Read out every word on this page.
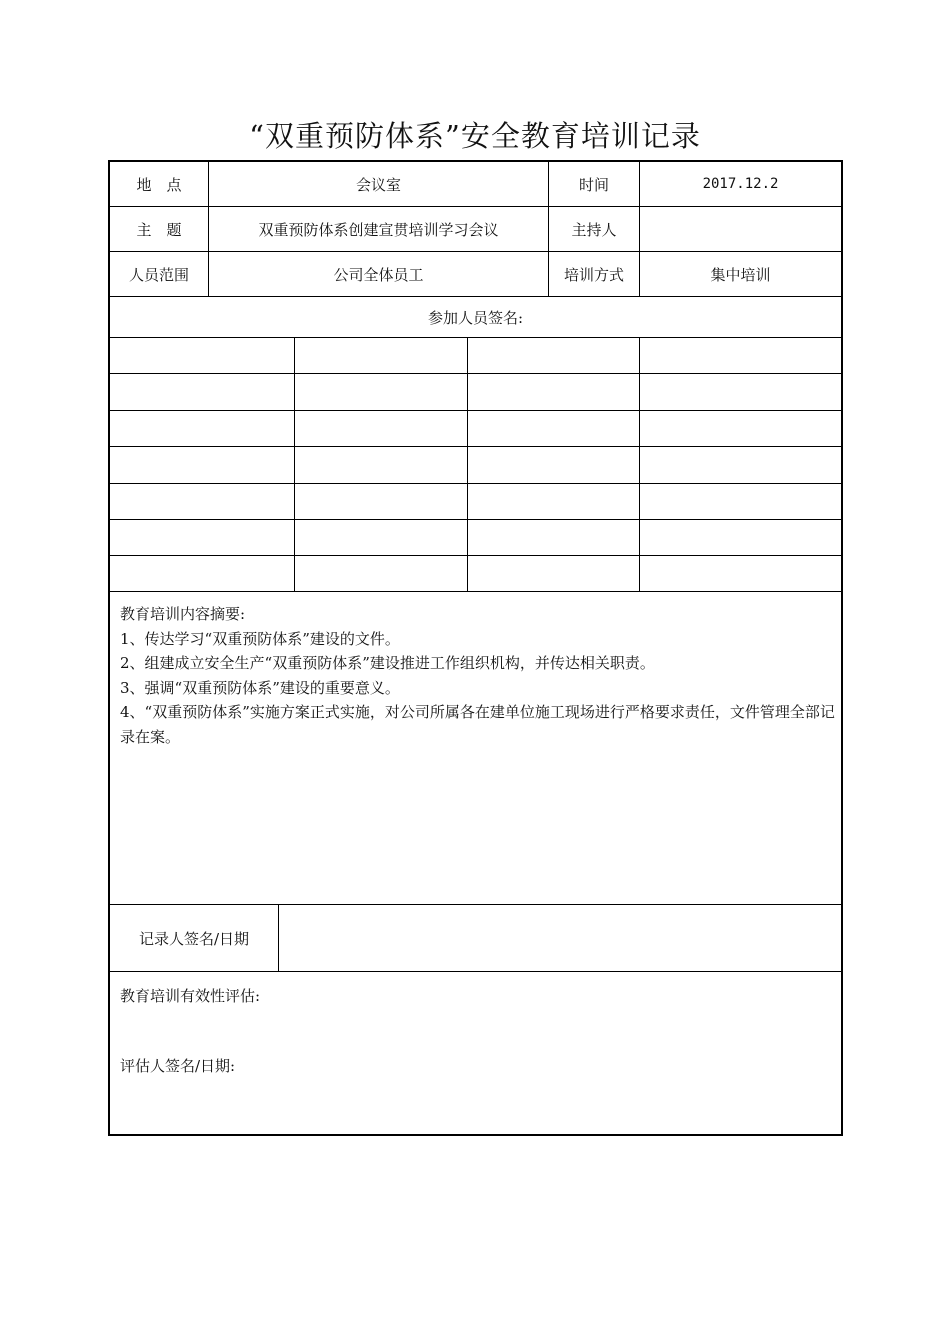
“双重预防体系”安全教育培训记录
地　点	会议室	时间	2017.12.2
主　题	双重预防体系创建宣贯培训学习会议	主持人
人员范围	公司全体员工	培训方式	集中培训
参加人员签名:
教育培训内容摘要:
1、传达学习“双重预防体系”建设的文件。
2、组建成立安全生产“双重预防体系”建设推进工作组织机构，并传达相关职责。
3、强调“双重预防体系”建设的重要意义。
4、“双重预防体系”实施方案正式实施，对公司所属各在建单位施工现场进行严格要求责任，文件管理全部记录在案。
记录人签名/日期
教育培训有效性评估:
评估人签名/日期:
